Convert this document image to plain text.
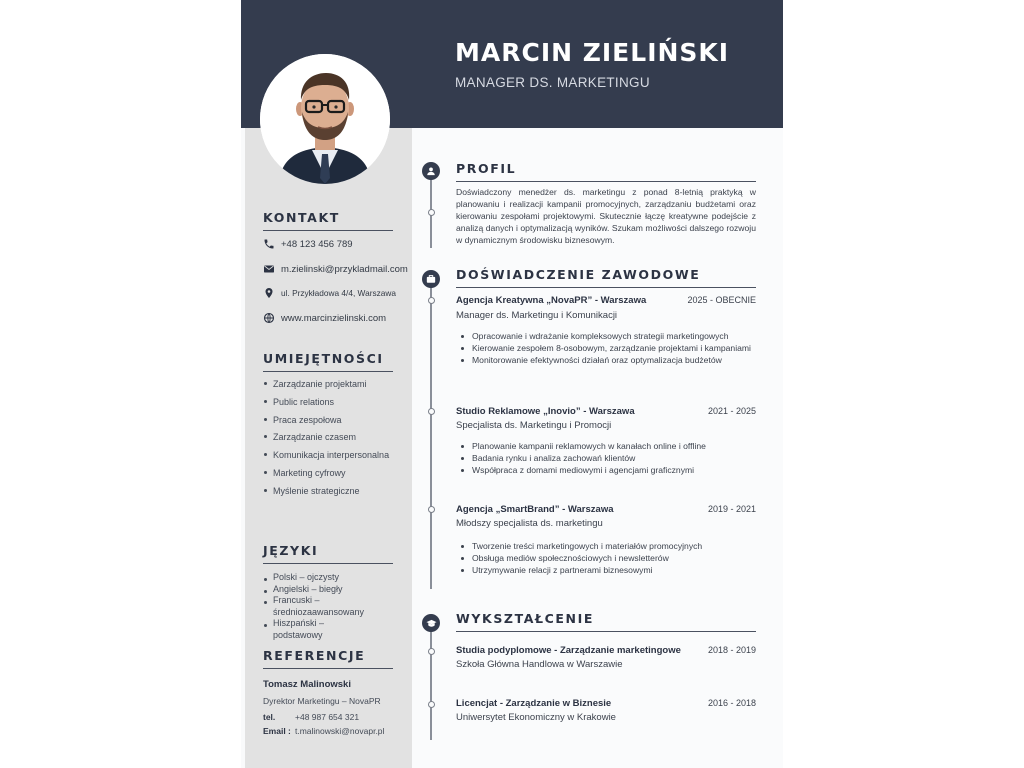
MARCIN ZIELIŃSKI

MANAGER DS. MARKETINGU

KONTAKT
+48 123 456 789
m.zielinski@przykladmail.com
ul. Przykładowa 4/4, Warszawa
www.marcinzielinski.com
UMIEJĘTNOŚCI
Zarządzanie projektami
Public relations
Praca zespołowa
Zarządzanie czasem
Komunikacja interpersonalna
Marketing cyfrowy
Myślenie strategiczne
JĘZYKI
Polski – ojczysty
Angielski – biegły
Francuski – średniozaawansowany
Hiszpański – podstawowy
REFERENCJE
Tomasz Malinowski
Dyrektor Marketingu – NovaPR
tel. +48 987 654 321
Email : t.malinowski@novapr.pl
PROFIL

Doświadczony menedżer ds. marketingu z ponad 8-letnią praktyką w planowaniu i realizacji kampanii promocyjnych, zarządzaniu budżetami oraz kierowaniu zespołami projektowymi. Skutecznie łączę kreatywne podejście z analizą danych i optymalizacją wyników. Szukam możliwości dalszego rozwoju w dynamicznym środowisku biznesowym.

DOŚWIADCZENIE ZAWODOWE
Agencja Kreatywna „NovaPR” - Warszawa	2025 - OBECNIE
Manager ds. Marketingu i Komunikacji
Opracowanie i wdrażanie kompleksowych strategii marketingowych
Kierowanie zespołem 8-osobowym, zarządzanie projektami i kampaniami
Monitorowanie efektywności działań oraz optymalizacja budżetów
Studio Reklamowe „Inovio” - Warszawa	2021 - 2025
Specjalista ds. Marketingu i Promocji
Planowanie kampanii reklamowych w kanałach online i offline
Badania rynku i analiza zachowań klientów
Współpraca z domami mediowymi i agencjami graficznymi
Agencja „SmartBrand” - Warszawa	2019 - 2021
Młodszy specjalista ds. marketingu
Tworzenie treści marketingowych i materiałów promocyjnych
Obsługa mediów społecznościowych i newsletterów
Utrzymywanie relacji z partnerami biznesowymi
WYKSZTAŁCENIE
Studia podyplomowe - Zarządzanie marketingowe	2018 - 2019
Szkoła Główna Handlowa w Warszawie
Licencjat - Zarządzanie w Biznesie	2016 - 2018
Uniwersytet Ekonomiczny w Krakowie
